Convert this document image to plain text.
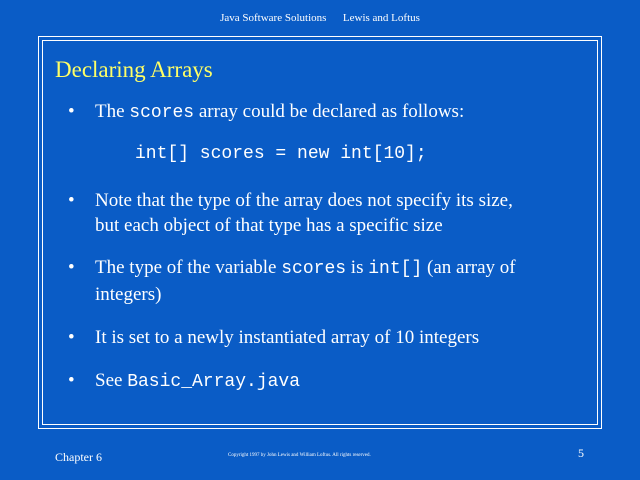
Java Software Solutions Lewis and Loftus
Declaring Arrays
• The scores array could be declared as follows:
int[] scores = new int[10];
• Note that the type of the array does not specify its size,
but each object of that type has a specific size
• The type of the variable scores is int[] (an array of
integers)
• It is set to a newly instantiated array of 10 integers
• See Basic_Array.java
Chapter 6	Copyright 1997 by John Lewis and William Loftus. All rights reserved.	5
